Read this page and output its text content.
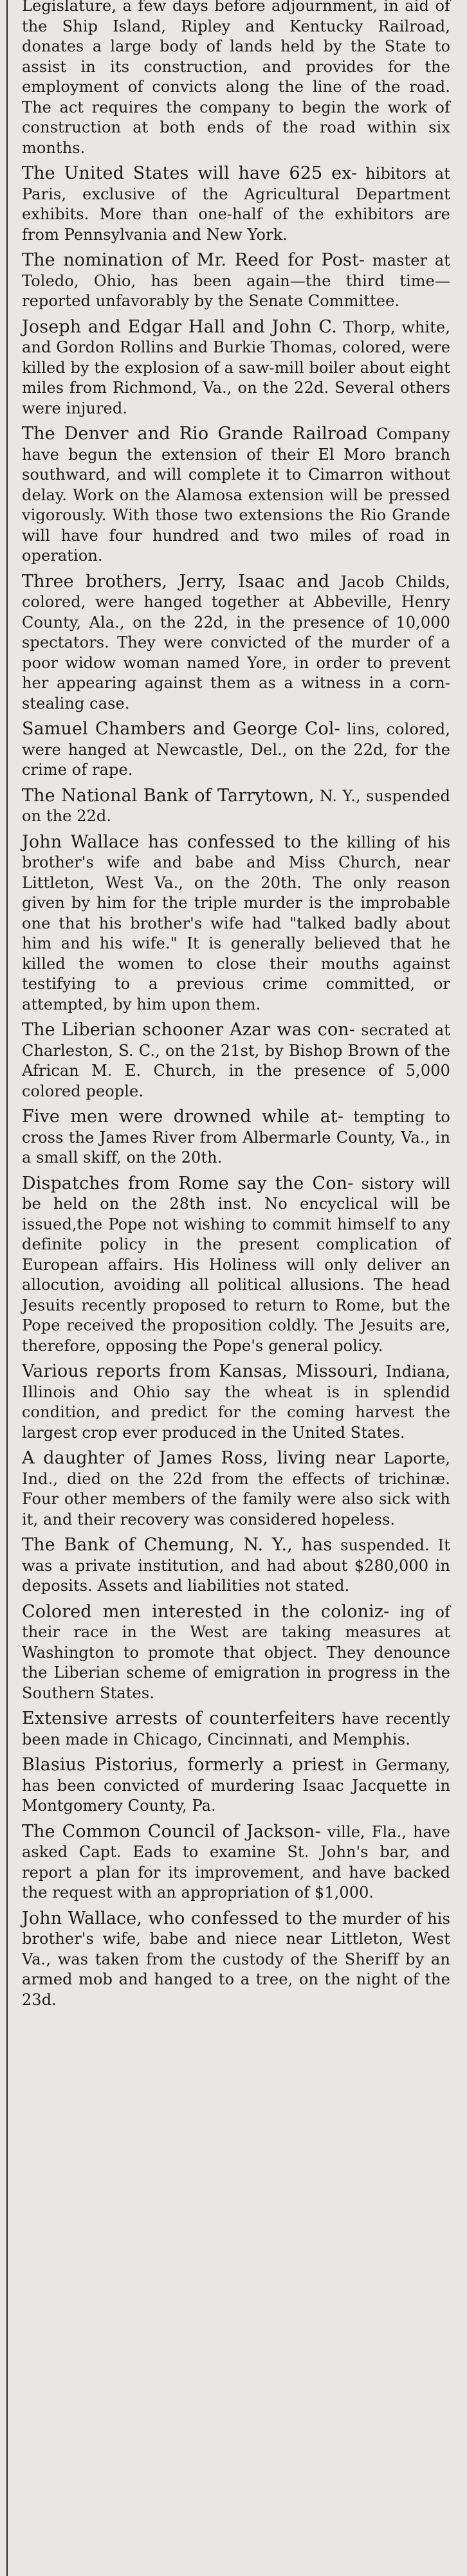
Legislature, a few days before adjournment, in aid of the Ship Island, Ripley and Kentucky Railroad, donates a large body of lands held by the State to assist in its construction, and provides for the employment of convicts along the line of the road. The act requires the company to begin the work of construction at both ends of the road within six months.

The United States will have 625 ex- hibitors at Paris, exclusive of the Agricultural Department exhibits. More than one-half of the exhibitors are from Pennsylvania and New York.

The nomination of Mr. Reed for Post- master at Toledo, Ohio, has been again—the third time—reported unfavorably by the Senate Committee.

Joseph and Edgar Hall and John C. Thorp, white, and Gordon Rollins and Burkie Thomas, colored, were killed by the explosion of a saw-mill boiler about eight miles from Richmond, Va., on the 22d. Several others were injured.

The Denver and Rio Grande Railroad Company have begun the extension of their El Moro branch southward, and will complete it to Cimarron without delay. Work on the Alamosa extension will be pressed vigorously. With those two extensions the Rio Grande will have four hundred and two miles of road in operation.

Three brothers, Jerry, Isaac and Jacob Childs, colored, were hanged together at Abbeville, Henry County, Ala., on the 22d, in the presence of 10,000 spectators. They were convicted of the murder of a poor widow woman named Yore, in order to prevent her appearing against them as a witness in a corn-stealing case.

Samuel Chambers and George Col- lins, colored, were hanged at Newcastle, Del., on the 22d, for the crime of rape.

The National Bank of Tarrytown, N. Y., suspended on the 22d.

John Wallace has confessed to the killing of his brother's wife and babe and Miss Church, near Littleton, West Va., on the 20th. The only reason given by him for the triple murder is the improbable one that his brother's wife had "talked badly about him and his wife." It is generally believed that he killed the women to close their mouths against testifying to a previous crime committed, or attempted, by him upon them.

The Liberian schooner Azar was con- secrated at Charleston, S. C., on the 21st, by Bishop Brown of the African M. E. Church, in the presence of 5,000 colored people.

Five men were drowned while at- tempting to cross the James River from Albermarle County, Va., in a small skiff, on the 20th.

Dispatches from Rome say the Con- sistory will be held on the 28th inst. No encyclical will be issued,the Pope not wishing to commit himself to any definite policy in the present complication of European affairs. His Holiness will only deliver an allocution, avoiding all political allusions. The head Jesuits recently proposed to return to Rome, but the Pope received the proposition coldly. The Jesuits are, therefore, opposing the Pope's general policy.

Various reports from Kansas, Missouri, Indiana, Illinois and Ohio say the wheat is in splendid condition, and predict for the coming harvest the largest crop ever produced in the United States.

A daughter of James Ross, living near Laporte, Ind., died on the 22d from the effects of trichinæ. Four other members of the family were also sick with it, and their recovery was considered hopeless.

The Bank of Chemung, N. Y., has suspended. It was a private institution, and had about $280,000 in deposits. Assets and liabilities not stated.

Colored men interested in the coloniz- ing of their race in the West are taking measures at Washington to promote that object. They denounce the Liberian scheme of emigration in progress in the Southern States.

Extensive arrests of counterfeiters have recently been made in Chicago, Cincinnati, and Memphis.

Blasius Pistorius, formerly a priest in Germany, has been convicted of murdering Isaac Jacquette in Montgomery County, Pa.

The Common Council of Jackson- ville, Fla., have asked Capt. Eads to examine St. John's bar, and report a plan for its improvement, and have backed the request with an appropriation of $1,000.

John Wallace, who confessed to the murder of his brother's wife, babe and niece near Littleton, West Va., was taken from the custody of the Sheriff by an armed mob and hanged to a tree, on the night of the 23d.
